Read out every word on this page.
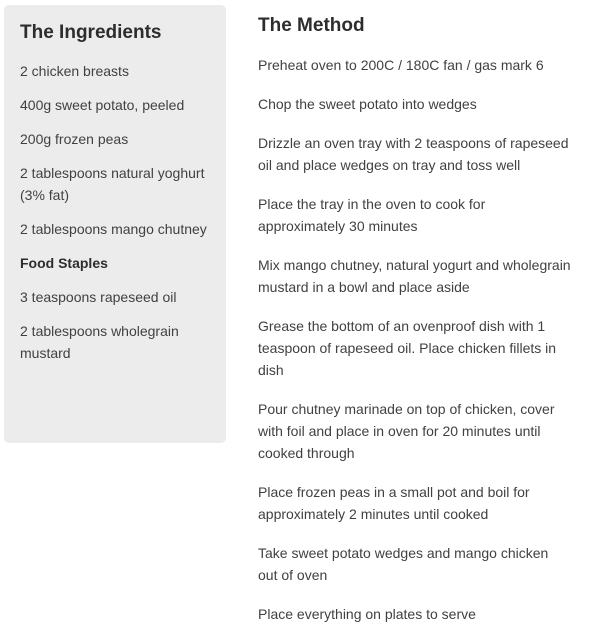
The Ingredients

2 chicken breasts

400g sweet potato, peeled

200g frozen peas

2 tablespoons natural yoghurt (3% fat)

2 tablespoons mango chutney

Food Staples

3 teaspoons rapeseed oil

2 tablespoons wholegrain mustard

The Method

Preheat oven to 200C / 180C fan / gas mark 6

Chop the sweet potato into wedges

Drizzle an oven tray with 2 teaspoons of rapeseed oil and place wedges on tray and toss well

Place the tray in the oven to cook for approximately 30 minutes

Mix mango chutney, natural yogurt and wholegrain mustard in a bowl and place aside

Grease the bottom of an ovenproof dish with 1 teaspoon of rapeseed oil. Place chicken fillets in dish

Pour chutney marinade on top of chicken, cover with foil and place in oven for 20 minutes until cooked through

Place frozen peas in a small pot and boil for approximately 2 minutes until cooked

Take sweet potato wedges and mango chicken out of oven

Place everything on plates to serve
